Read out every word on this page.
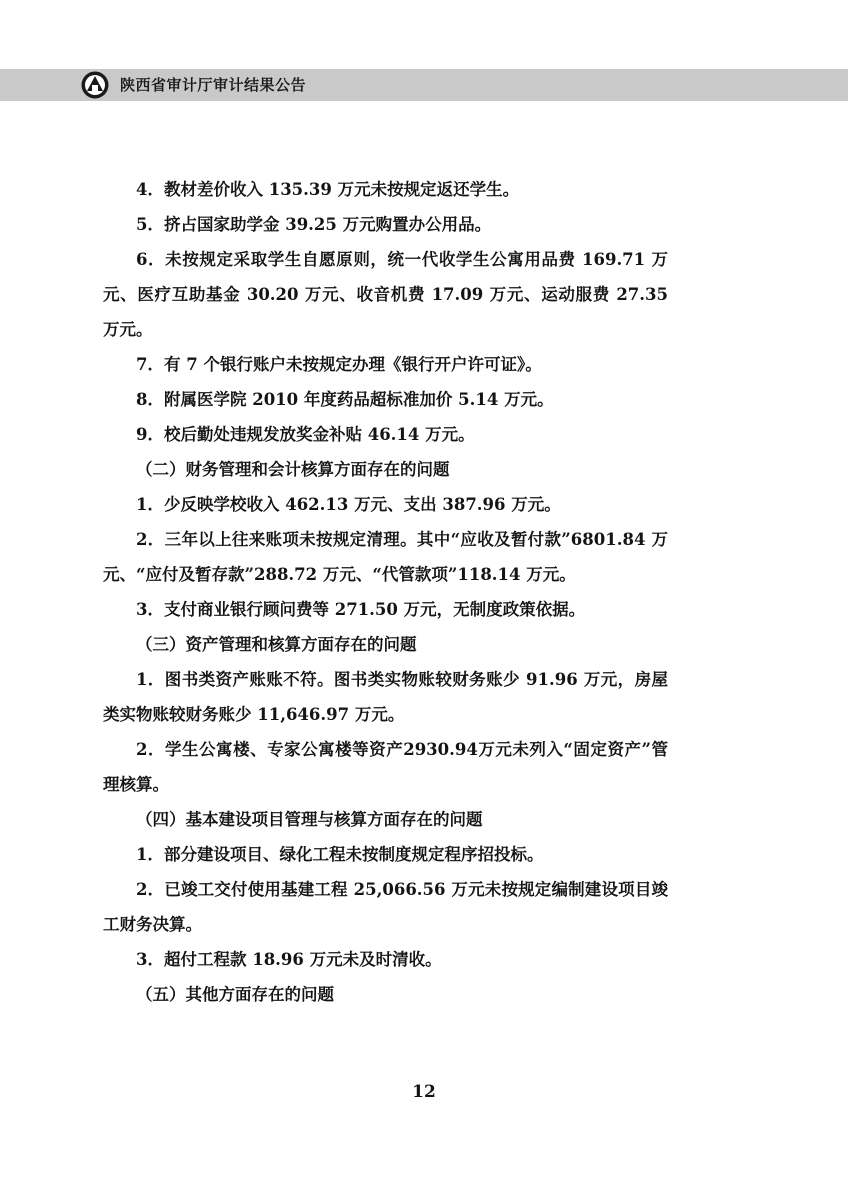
陕西省审计厅审计结果公告

4．教材差价收入 135.39 万元未按规定返还学生。

5．挤占国家助学金 39.25 万元购置办公用品。

6．未按规定采取学生自愿原则，统一代收学生公寓用品费 169.71 万元、医疗互助基金 30.20 万元、收音机费 17.09 万元、运动服费 27.35 万元。

7．有 7 个银行账户未按规定办理《银行开户许可证》。

8．附属医学院 2010 年度药品超标准加价 5.14 万元。

9．校后勤处违规发放奖金补贴 46.14 万元。

（二）财务管理和会计核算方面存在的问题

1．少反映学校收入 462.13 万元、支出 387.96 万元。

2．三年以上往来账项未按规定清理。其中“应收及暂付款”6801.84 万元、“应付及暂存款”288.72 万元、“代管款项”118.14 万元。

3．支付商业银行顾问费等 271.50 万元，无制度政策依据。

（三）资产管理和核算方面存在的问题

1．图书类资产账账不符。图书类实物账较财务账少 91.96 万元，房屋类实物账较财务账少 11,646.97 万元。

2．学生公寓楼、专家公寓楼等资产2930.94万元未列入“固定资产”管理核算。

（四）基本建设项目管理与核算方面存在的问题

1．部分建设项目、绿化工程未按制度规定程序招投标。

2．已竣工交付使用基建工程 25,066.56 万元未按规定编制建设项目竣工财务决算。

3．超付工程款 18.96 万元未及时清收。

（五）其他方面存在的问题

12
